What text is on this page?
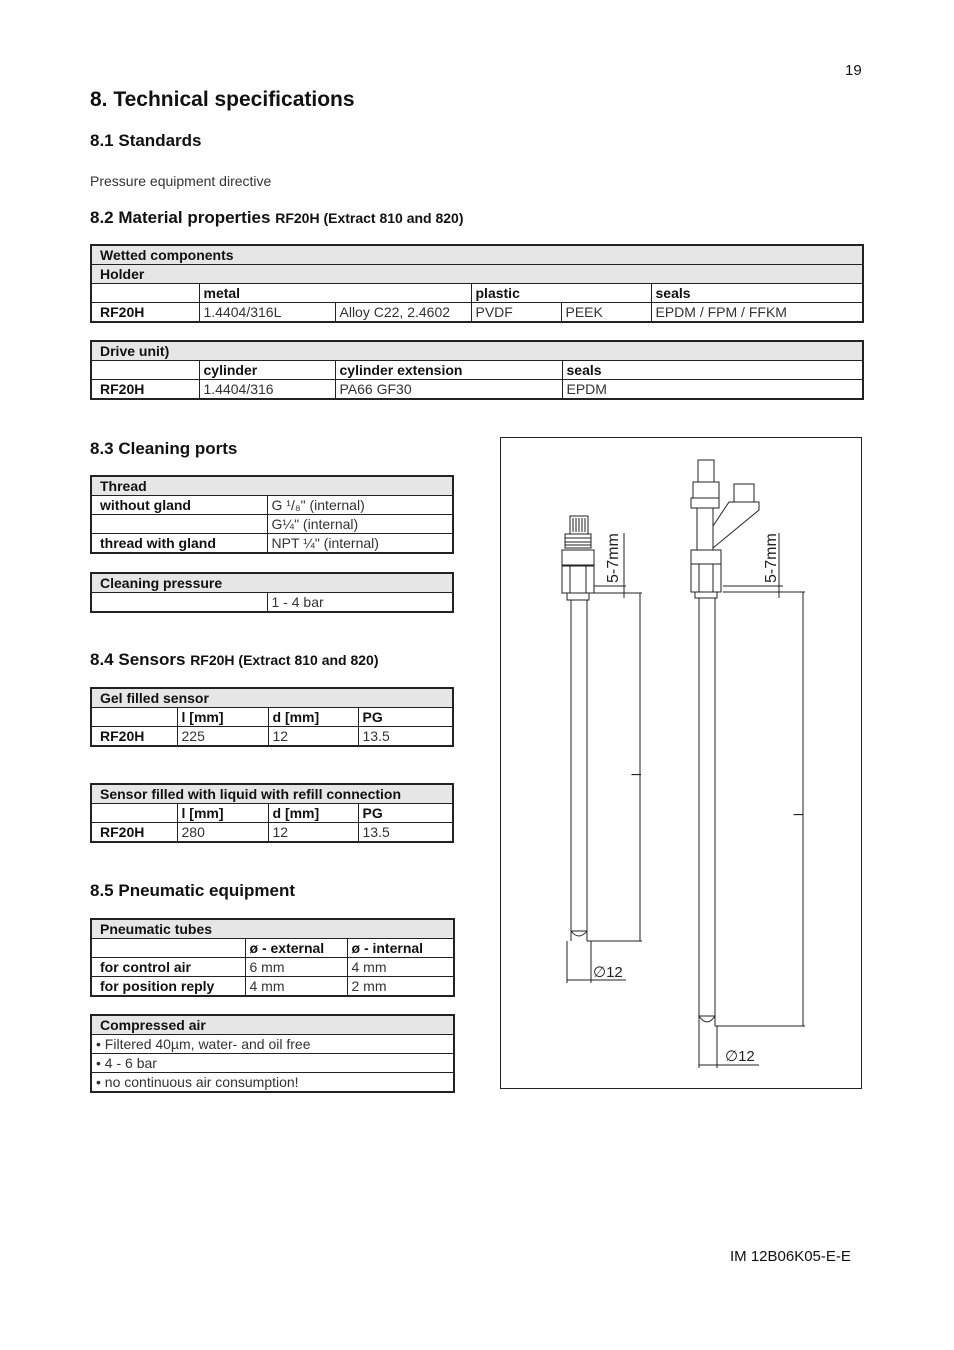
19
8. Technical specifications
8.1 Standards
Pressure equipment directive
8.2 Material properties RF20H (Extract 810 and 820)
Wetted components					
Holder					
	metal		plastic		seals
RF20H	1.4404/316L	Alloy C22, 2.4602	PVDF	PEEK	EPDM / FPM / FFKM
Drive unit)			
	cylinder	cylinder extension	seals
RF20H	1.4404/316	PA66 GF30	EPDM
8.3 Cleaning ports
Thread	
without gland	G ¹/₈" (internal)
	G¼" (internal)
thread with gland	NPT ¼" (internal)
Cleaning pressure
	1 - 4 bar
8.4 Sensors RF20H (Extract 810 and 820)
Gel filled sensor			
	l [mm]	d [mm]	PG
RF20H	225	12	13.5
Sensor filled with liquid with refill connection			
	l [mm]	d [mm]	PG
RF20H	280	12	13.5
8.5 Pneumatic equipment
Pneumatic tubes		
	ø - external	ø - internal
for control air	6 mm	4 mm
for position reply	4 mm	2 mm
Compressed air
• Filtered 40µm, water- and oil free
• 4 - 6 bar
• no continuous air consumption!
5-7mm	5-7mm
l
l
∅12
∅12
IM 12B06K05-E-E
